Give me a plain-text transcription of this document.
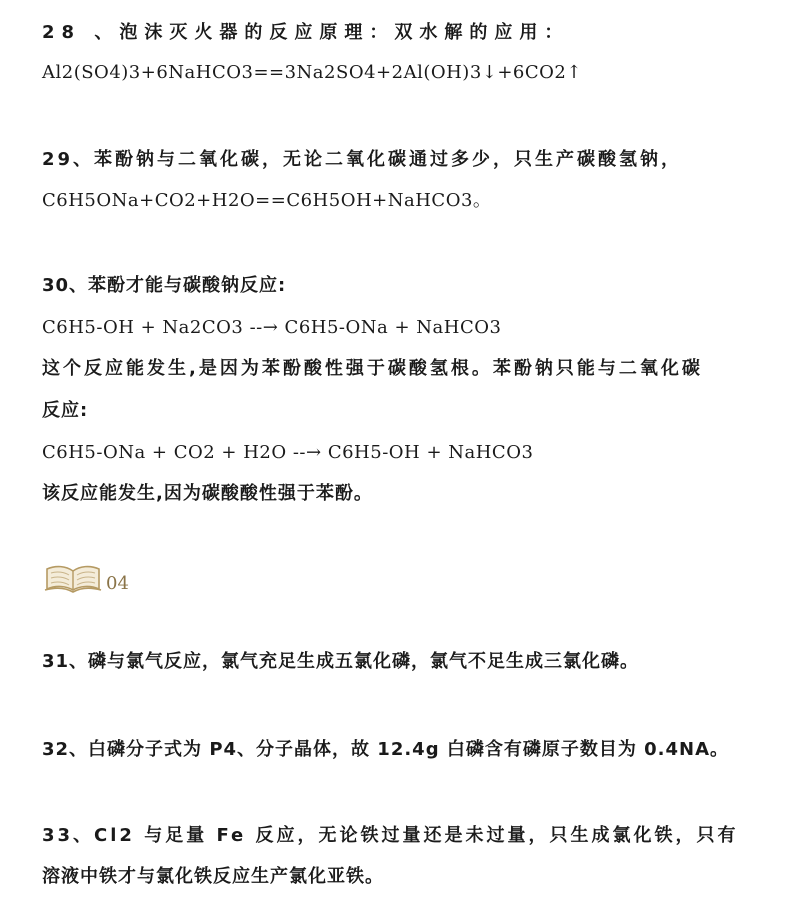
28 、泡沫灭火器的反应原理：双水解的应用：
Al2(SO4)3+6NaHCO3==3Na2SO4+2Al(OH)3↓+6CO2↑
29、苯酚钠与二氧化碳，无论二氧化碳通过多少，只生产碳酸氢钠，
C6H5ONa+CO2+H2O==C6H5OH+NaHCO3。
30、苯酚才能与碳酸钠反应:
C6H5-OH + Na2CO3 --→ C6H5-ONa + NaHCO3
这个反应能发生,是因为苯酚酸性强于碳酸氢根。苯酚钠只能与二氧化碳
反应:
C6H5-ONa + CO2 + H2O --→ C6H5-OH + NaHCO3
该反应能发生,因为碳酸酸性强于苯酚。
04
31、磷与氯气反应，氯气充足生成五氯化磷，氯气不足生成三氯化磷。
32、白磷分子式为 P4、分子晶体，故 12.4g 白磷含有磷原子数目为 0.4NA。
33、Cl2 与足量 Fe 反应，无论铁过量还是未过量，只生成氯化铁，只有
溶液中铁才与氯化铁反应生产氯化亚铁。
